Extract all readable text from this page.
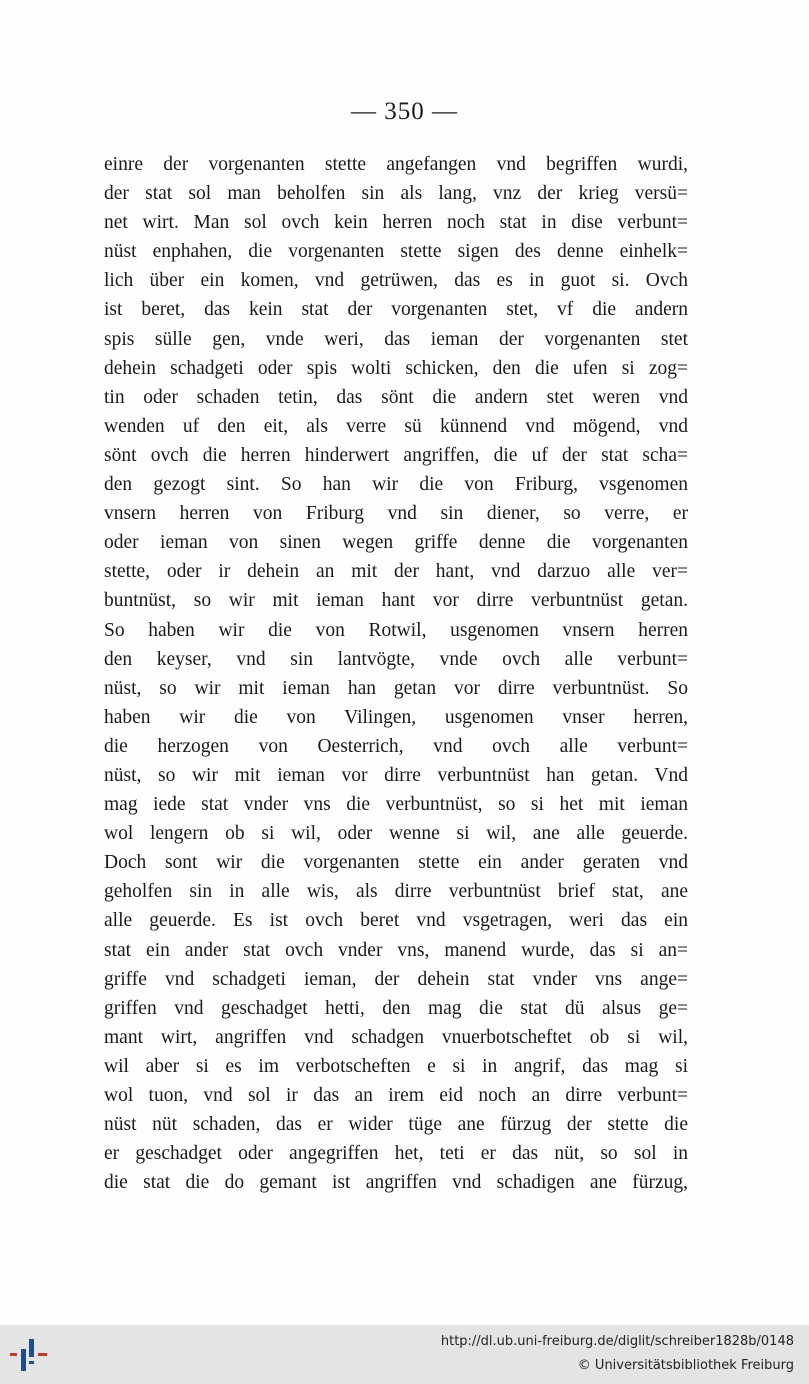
— 350 —
einre der vorgenanten stette angefangen vnd begriffen wurdi,
der stat sol man beholfen sin als lang, vnz der krieg versü=
net wirt. Man sol ovch kein herren noch stat in dise verbunt=
nüst enphahen, die vorgenanten stette sigen des denne einhelk=
lich über ein komen, vnd getrüwen, das es in guot si. Ovch
ist beret, das kein stat der vorgenanten stet, vf die andern
spis sülle gen, vnde weri, das ieman der vorgenanten stet
dehein schadgeti oder spis wolti schicken, den die ufen si zog=
tin oder schaden tetin, das sönt die andern stet weren vnd
wenden uf den eit, als verre sü künnend vnd mögend, vnd
sönt ovch die herren hinderwert angriffen, die uf der stat scha=
den gezogt sint. So han wir die von Friburg, vsgenomen
vnsern herren von Friburg vnd sin diener, so verre, er
oder ieman von sinen wegen griffe denne die vorgenanten
stette, oder ir dehein an mit der hant, vnd darzuo alle ver=
buntnüst, so wir mit ieman hant vor dirre verbuntnüst getan.
So haben wir die von Rotwil, usgenomen vnsern herren
den keyser, vnd sin lantvögte, vnde ovch alle verbunt=
nüst, so wir mit ieman han getan vor dirre verbuntnüst. So
haben wir die von Vilingen, usgenomen vnser herren,
die herzogen von Oesterrich, vnd ovch alle verbunt=
nüst, so wir mit ieman vor dirre verbuntnüst han getan. Vnd
mag iede stat vnder vns die verbuntnüst, so si het mit ieman
wol lengern ob si wil, oder wenne si wil, ane alle geuerde.
Doch sont wir die vorgenanten stette ein ander geraten vnd
geholfen sin in alle wis, als dirre verbuntnüst brief stat, ane
alle geuerde. Es ist ovch beret vnd vsgetragen, weri das ein
stat ein ander stat ovch vnder vns, manend wurde, das si an=
griffe vnd schadgeti ieman, der dehein stat vnder vns ange=
griffen vnd geschadget hetti, den mag die stat dü alsus ge=
mant wirt, angriffen vnd schadgen vnuerbotscheftet ob si wil,
wil aber si es im verbotscheften e si in angrif, das mag si
wol tuon, vnd sol ir das an irem eid noch an dirre verbunt=
nüst nüt schaden, das er wider tüge ane fürzug der stette die
er geschadget oder angegriffen het, teti er das nüt, so sol in
die stat die do gemant ist angriffen vnd schadigen ane fürzug,
http://dl.ub.uni-freiburg.de/diglit/schreiber1828b/0148
© Universitätsbibliothek Freiburg
